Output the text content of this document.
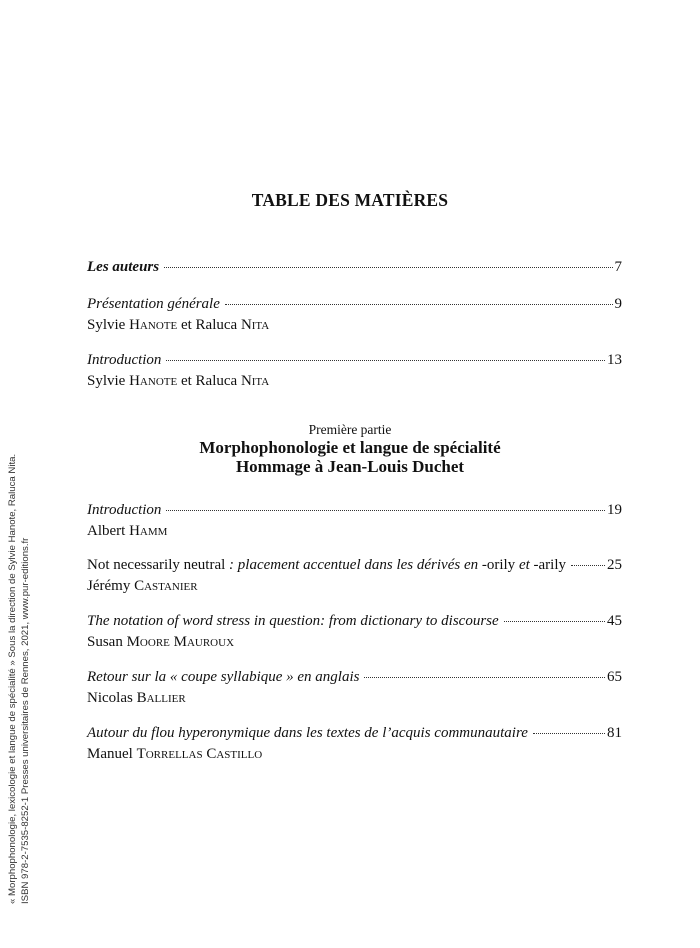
« Morphophonologie, lexicologie et langue de spécialité » Sous la direction de Sylvie Hanote, Raluca Nita. ISBN 978-2-7535-8252-1 Presses universitaires de Rennes, 2021, www.pur-editions.fr
TABLE DES MATIÈRES
Les auteurs	7
Présentation générale	9
Sylvie Hanote et Raluca Nita
Introduction	13
Sylvie Hanote et Raluca Nita
Première partie
Morphophonologie et langue de spécialité
Hommage à Jean-Louis Duchet
Introduction	19
Albert Hamm
Not necessarily neutral : placement accentuel dans les dérivés en -orily et -arily	25
Jérémy Castanier
The notation of word stress in question: from dictionary to discourse	45
Susan Moore Mauroux
Retour sur la « coupe syllabique » en anglais	65
Nicolas Ballier
Autour du flou hyperonymique dans les textes de l’acquis communautaire	81
Manuel Torrellas Castillo
